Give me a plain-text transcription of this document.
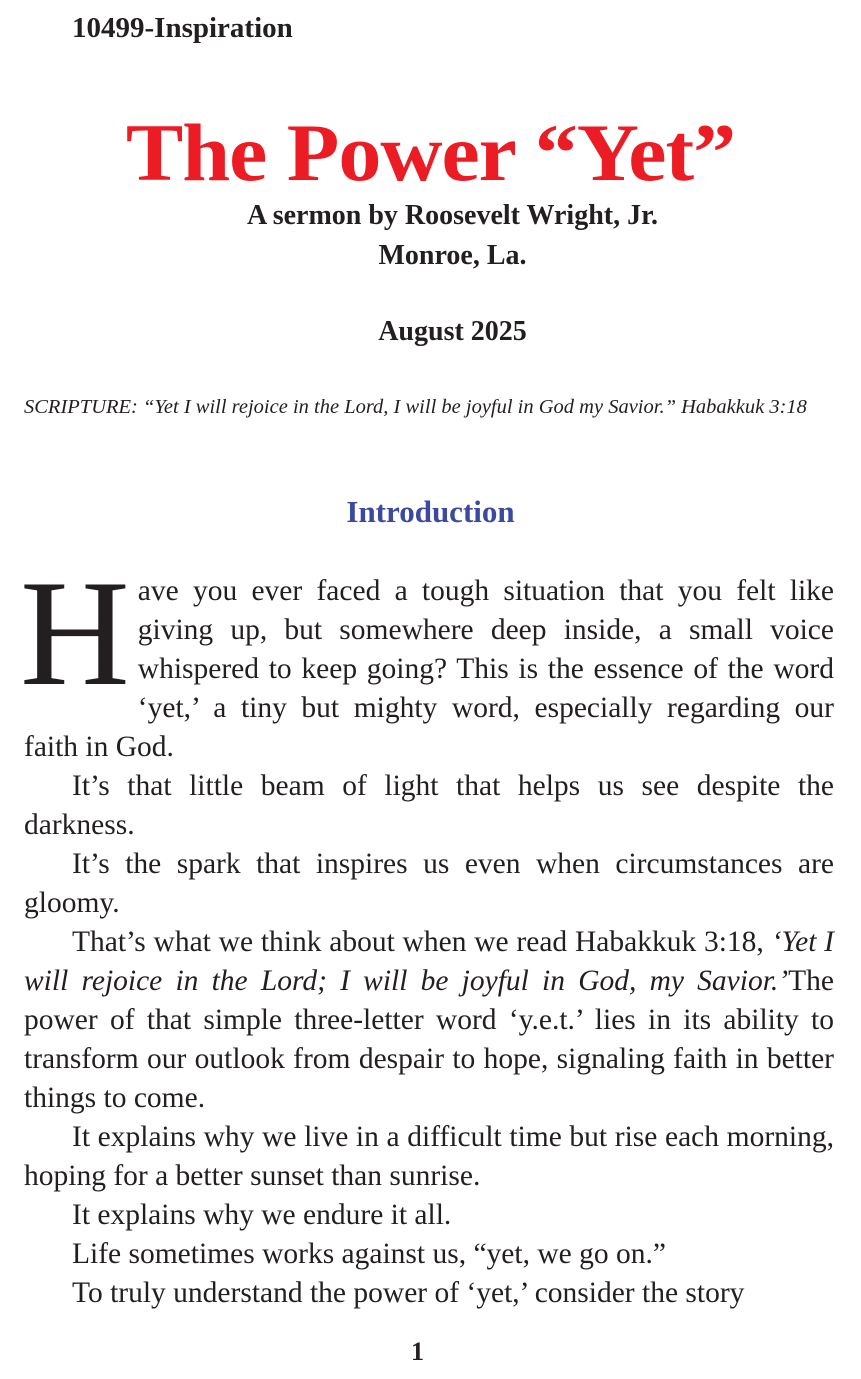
10499-Inspiration
The Power “Yet”
A sermon by Roosevelt Wright, Jr.
Monroe, La.
August 2025
SCRIPTURE: “Yet I will rejoice in the Lord, I will be joyful in God my Savior.” Habakkuk 3:18
Introduction

Have you ever faced a tough situation that you felt like giving up, but somewhere deep inside, a small voice whispered to keep going? This is the essence of the word ‘yet,’ a tiny but mighty word, especially regarding our faith in God.

It’s that little beam of light that helps us see despite the darkness.

It’s the spark that inspires us even when circumstances are gloomy.

That’s what we think about when we read Habakkuk 3:18, ‘Yet I will rejoice in the Lord; I will be joyful in God, my Savior.’The power of that simple three-letter word ‘y.e.t.’ lies in its ability to transform our outlook from despair to hope, signaling faith in better things to come.

It explains why we live in a difficult time but rise each morning, hoping for a better sunset than sunrise.

It explains why we endure it all.

Life sometimes works against us, “yet, we go on.”

To truly understand the power of ‘yet,’ consider the story

1
